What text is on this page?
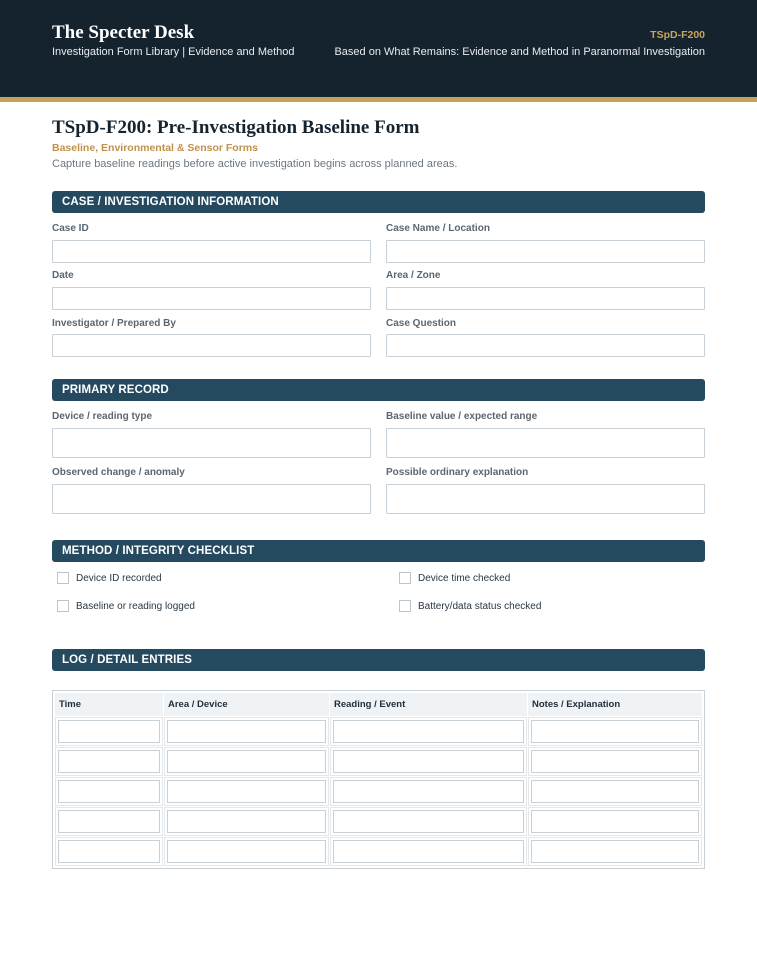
The Specter Desk
Investigation Form Library | Evidence and Method
TSpD-F200
Based on What Remains: Evidence and Method in Paranormal Investigation
TSpD-F200: Pre-Investigation Baseline Form
Baseline, Environmental & Sensor Forms
Capture baseline readings before active investigation begins across planned areas.
CASE / INVESTIGATION INFORMATION
Case ID	Case Name / Location
Date	Area / Zone
Investigator / Prepared By	Case Question
PRIMARY RECORD
Device / reading type	Baseline value / expected range
Observed change / anomaly	Possible ordinary explanation
METHOD / INTEGRITY CHECKLIST
Device ID recorded	Device time checked
Baseline or reading logged	Battery/data status checked
LOG / DETAIL ENTRIES
Time	Area / Device	Reading / Event	Notes / Explanation
